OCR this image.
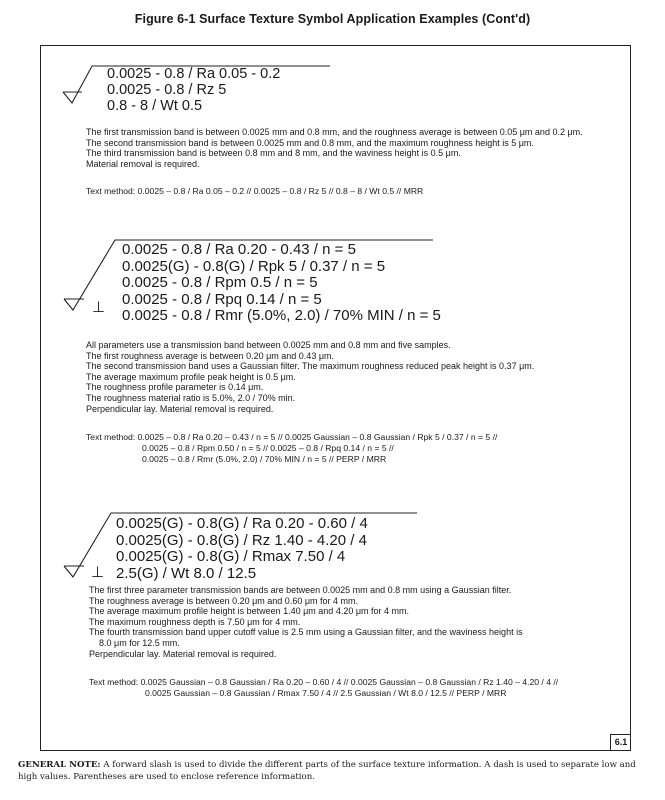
Figure 6-1 Surface Texture Symbol Application Examples (Cont'd)
0.0025 - 0.8 / Ra 0.05 - 0.2
0.0025 - 0.8 / Rz 5
0.8 - 8 / Wt 0.5
The first transmission band is between 0.0025 mm and 0.8 mm, and the roughness average is between 0.05 μm and 0.2 μm.
The second transmission band is between 0.0025 mm and 0.8 mm, and the maximum roughness height is 5 μm.
The third transmission band is between 0.8 mm and 8 mm, and the waviness height is 0.5 μm.
Material removal is required.
Text method: 0.0025 – 0.8 / Ra 0.05 – 0.2 // 0.0025 – 0.8 / Rz 5 // 0.8 – 8 / Wt 0.5 // MRR
0.0025 - 0.8 / Ra 0.20 - 0.43 / n = 5
0.0025(G) - 0.8(G) / Rpk 5 / 0.37 / n = 5
0.0025 - 0.8 / Rpm 0.5 / n = 5
0.0025 - 0.8 / Rpq 0.14 / n = 5
0.0025 - 0.8 / Rmr (5.0%, 2.0) / 70% MIN / n = 5
⊥
All parameters use a transmission band between 0.0025 mm and 0.8 mm and five samples.
The first roughness average is between 0.20 μm and 0.43 μm.
The second transmission band uses a Gaussian filter. The maximum roughness reduced peak height is 0.37 μm.
The average maximum profile peak height is 0.5 μm.
The roughness profile parameter is 0.14 μm.
The roughness material ratio is 5.0%, 2.0 / 70% min.
Perpendicular lay. Material removal is required.
Text method: 0.0025 – 0.8 / Ra 0.20 – 0.43 / n = 5 // 0.0025 Gaussian – 0.8 Gaussian / Rpk 5 / 0.37 / n = 5 //
0.0025 – 0.8 / Rpm 0.50 / n = 5 // 0.0025 – 0.8 / Rpq 0.14 / n = 5 //
0.0025 – 0.8 / Rmr (5.0%, 2.0) / 70% MIN / n = 5 // PERP / MRR
0.0025(G) - 0.8(G) / Ra 0.20 - 0.60 / 4
0.0025(G) - 0.8(G) / Rz 1.40 - 4.20 / 4
0.0025(G) - 0.8(G) / Rmax 7.50 / 4
2.5(G) / Wt 8.0 / 12.5
⊥
The first three parameter transmission bands are between 0.0025 mm and 0.8 mm using a Gaussian filter.
The roughness average is between 0.20 μm and 0.60 μm for 4 mm.
The average maximum profile height is between 1.40 μm and 4.20 μm for 4 mm.
The maximum roughness depth is 7.50 μm for 4 mm.
The fourth transmission band upper cutoff value is 2.5 mm using a Gaussian filter, and the waviness height is
8.0 μm for 12.5 mm.
Perpendicular lay. Material removal is required.
Text method: 0.0025 Gaussian – 0.8 Gaussian / Ra 0.20 – 0.60 / 4 // 0.0025 Gaussian – 0.8 Gaussian / Rz 1.40 – 4.20 / 4 //
0.0025 Gaussian – 0.8 Gaussian / Rmax 7.50 / 4 // 2.5 Gaussian / Wt 8.0 / 12.5 // PERP / MRR
6.1
GENERAL NOTE: A forward slash is used to divide the different parts of the surface texture information. A dash is used to separate low and high values. Parentheses are used to enclose reference information.
